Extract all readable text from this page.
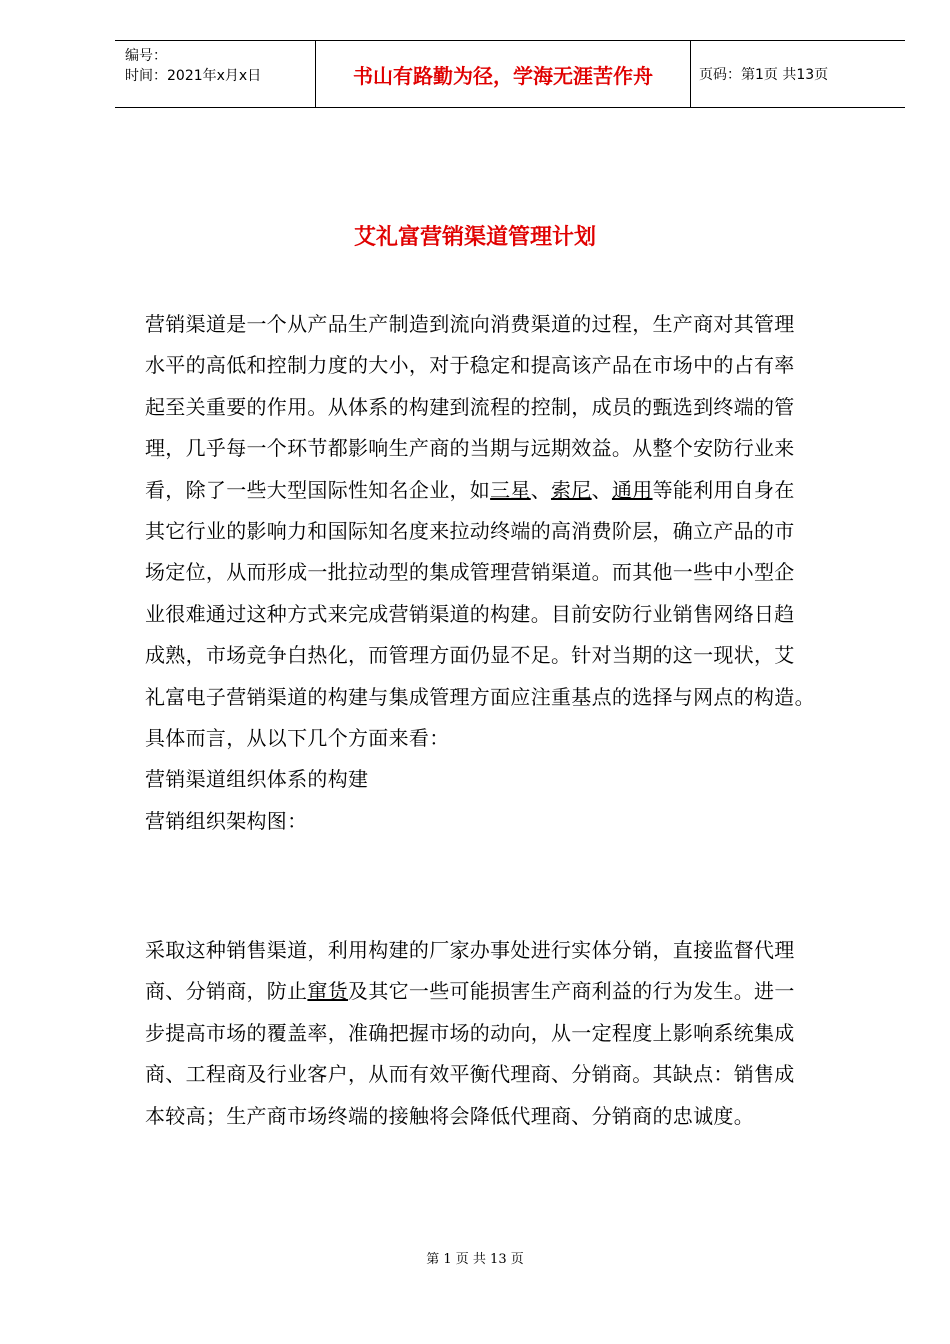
编号：
时间：2021年x月x日	书山有路勤为径，学海无涯苦作舟	页码：第1页 共13页
艾礼富营销渠道管理计划
营销渠道是一个从产品生产制造到流向消费渠道的过程，生产商对其管理
水平的高低和控制力度的大小，对于稳定和提高该产品在市场中的占有率
起至关重要的作用。从体系的构建到流程的控制，成员的甄选到终端的管
理，几乎每一个环节都影响生产商的当期与远期效益。从整个安防行业来
看，除了一些大型国际性知名企业，如三星、索尼、通用等能利用自身在
其它行业的影响力和国际知名度来拉动终端的高消费阶层，确立产品的市
场定位，从而形成一批拉动型的集成管理营销渠道。而其他一些中小型企
业很难通过这种方式来完成营销渠道的构建。目前安防行业销售网络日趋
成熟，市场竞争白热化，而管理方面仍显不足。针对当期的这一现状，艾
礼富电子营销渠道的构建与集成管理方面应注重基点的选择与网点的构造。
具体而言，从以下几个方面来看：
营销渠道组织体系的构建
营销组织架构图：
采取这种销售渠道，利用构建的厂家办事处进行实体分销，直接监督代理
商、分销商，防止窜货及其它一些可能损害生产商利益的行为发生。进一
步提高市场的覆盖率，准确把握市场的动向，从一定程度上影响系统集成
商、工程商及行业客户，从而有效平衡代理商、分销商。其缺点：销售成
本较高；生产商市场终端的接触将会降低代理商、分销商的忠诚度。
第 1 页 共 13 页
